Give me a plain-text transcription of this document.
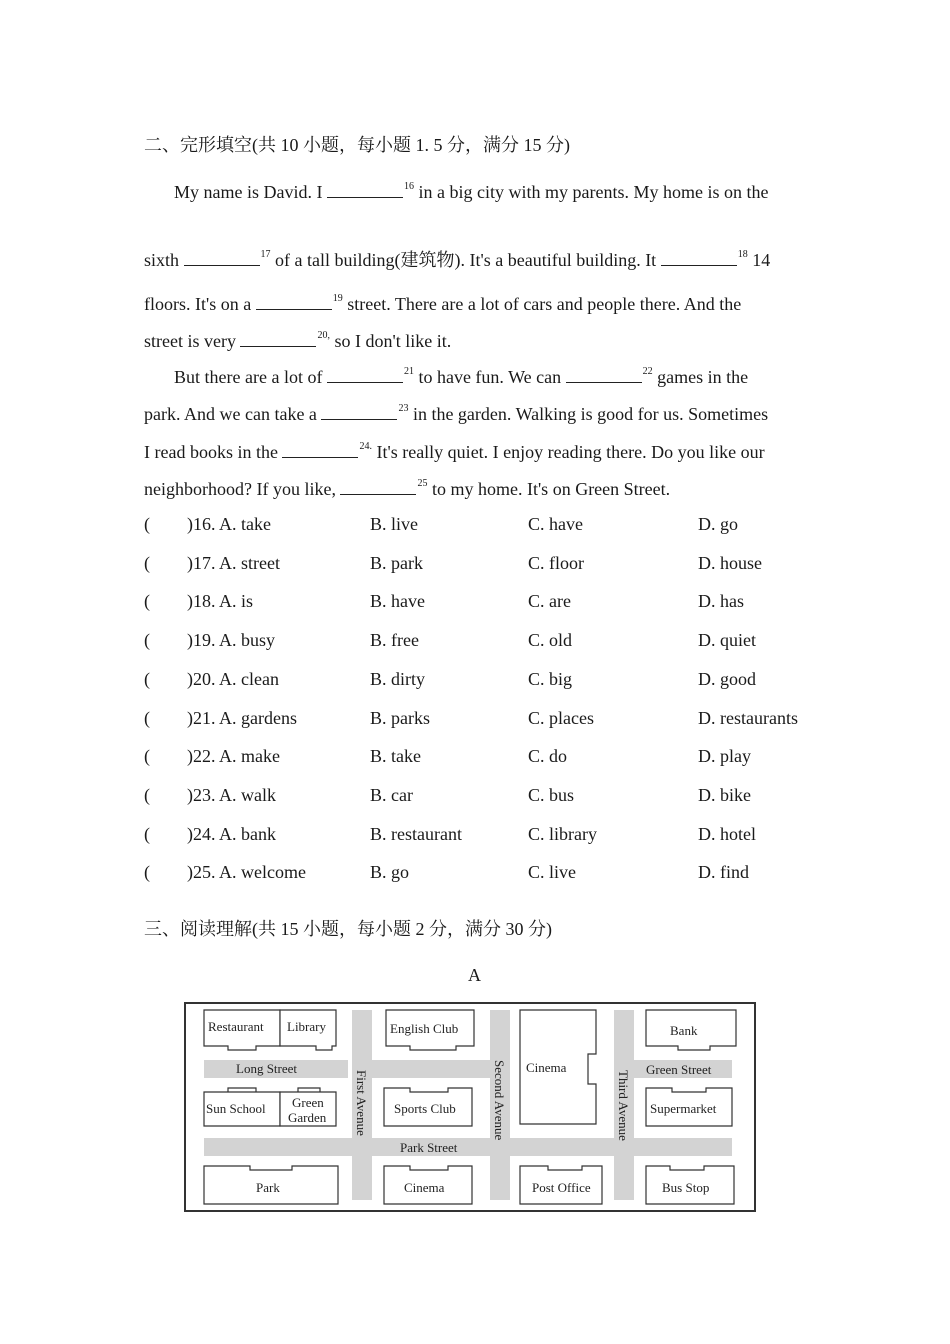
二、完形填空(共 10 小题，每小题 1. 5 分，满分 15 分)
My name is David. I	$^{16}$ in a big city with my parents. My home is on the
sixth	$^{17}$ of a tall building(建筑物). It's a beautiful building. It	$^{18}$ 14
floors. It's on a	$^{19}$ street. There are a lot of cars and people there. And the
street is very	$^{20,}$ so I don't like it.
But there are a lot of	$^{21}$ to have fun. We can	$^{22}$ games in the
park. And we can take a	$^{23}$ in the garden. Walking is good for us. Sometimes
I read books in the	$^{24.}$ It's really quiet. I enjoy reading there. Do you like our
neighborhood? If you like,	$^{25}$ to my home. It's on Green Street.
( )16. A. take	B. live	C. have	D. go
( )17. A. street	B. park	C. floor	D. house
( )18. A. is	B. have	C. are	D. has
( )19. A. busy	B. free	C. old	D. quiet
( )20. A. clean	B. dirty	C. big	D. good
( )21. A. gardens	B. parks	C. places	D. restaurants
( )22. A. make	B. take	C. do	D. play
( )23. A. walk	B. car	C. bus	D. bike
( )24. A. bank	B. restaurant	C. library	D. hotel
( )25. A. welcome	B. go	C. live	D. find
三、阅读理解(共 15 小题，每小题 2 分，满分 30 分)
A
Long Street
Park Street
Green Street
First Avenue	Second Avenue	Third Avenue
Restaurant Library	English Club
Cinema
Bank
Sun School Green
Garden
Sports Club	Supermarket
Park	Cinema	Post Office	Bus Stop
